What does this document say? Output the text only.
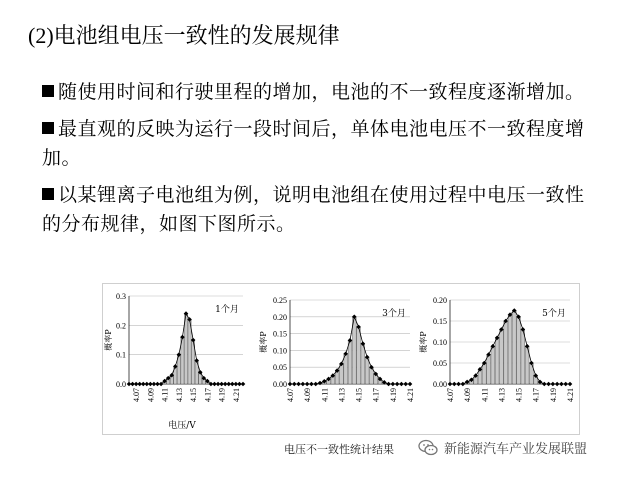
(2)电池组电压一致性的发展规律
随使用时间和行驶里程的增加，电池的不一致程度逐渐增加。
最直观的反映为运行一段时间后，单体电池电压不一致程度增加。
以某锂离子电池组为例，说明电池组在使用过程中电压一致性的分布规律，如图下图所示。
0.0
0.1
0.2
0.3
4.07 4.09 4.11 4.13 4.15 4.17 4.19 4.21
概率P
1个月
电压/V
0.00
0.05
0.10
0.15
0.20
0.25
4.07 4.09 4.11 4.13 4.15 4.17 4.19 4.21
概率P
3个月
0.00
0.05
0.10
0.15
0.20
4.07 4.09 4.11 4.13 4.15 4.17 4.19 4.21
概率P
5个月
电压不一致性统计结果	新能源汽车产业发展联盟
